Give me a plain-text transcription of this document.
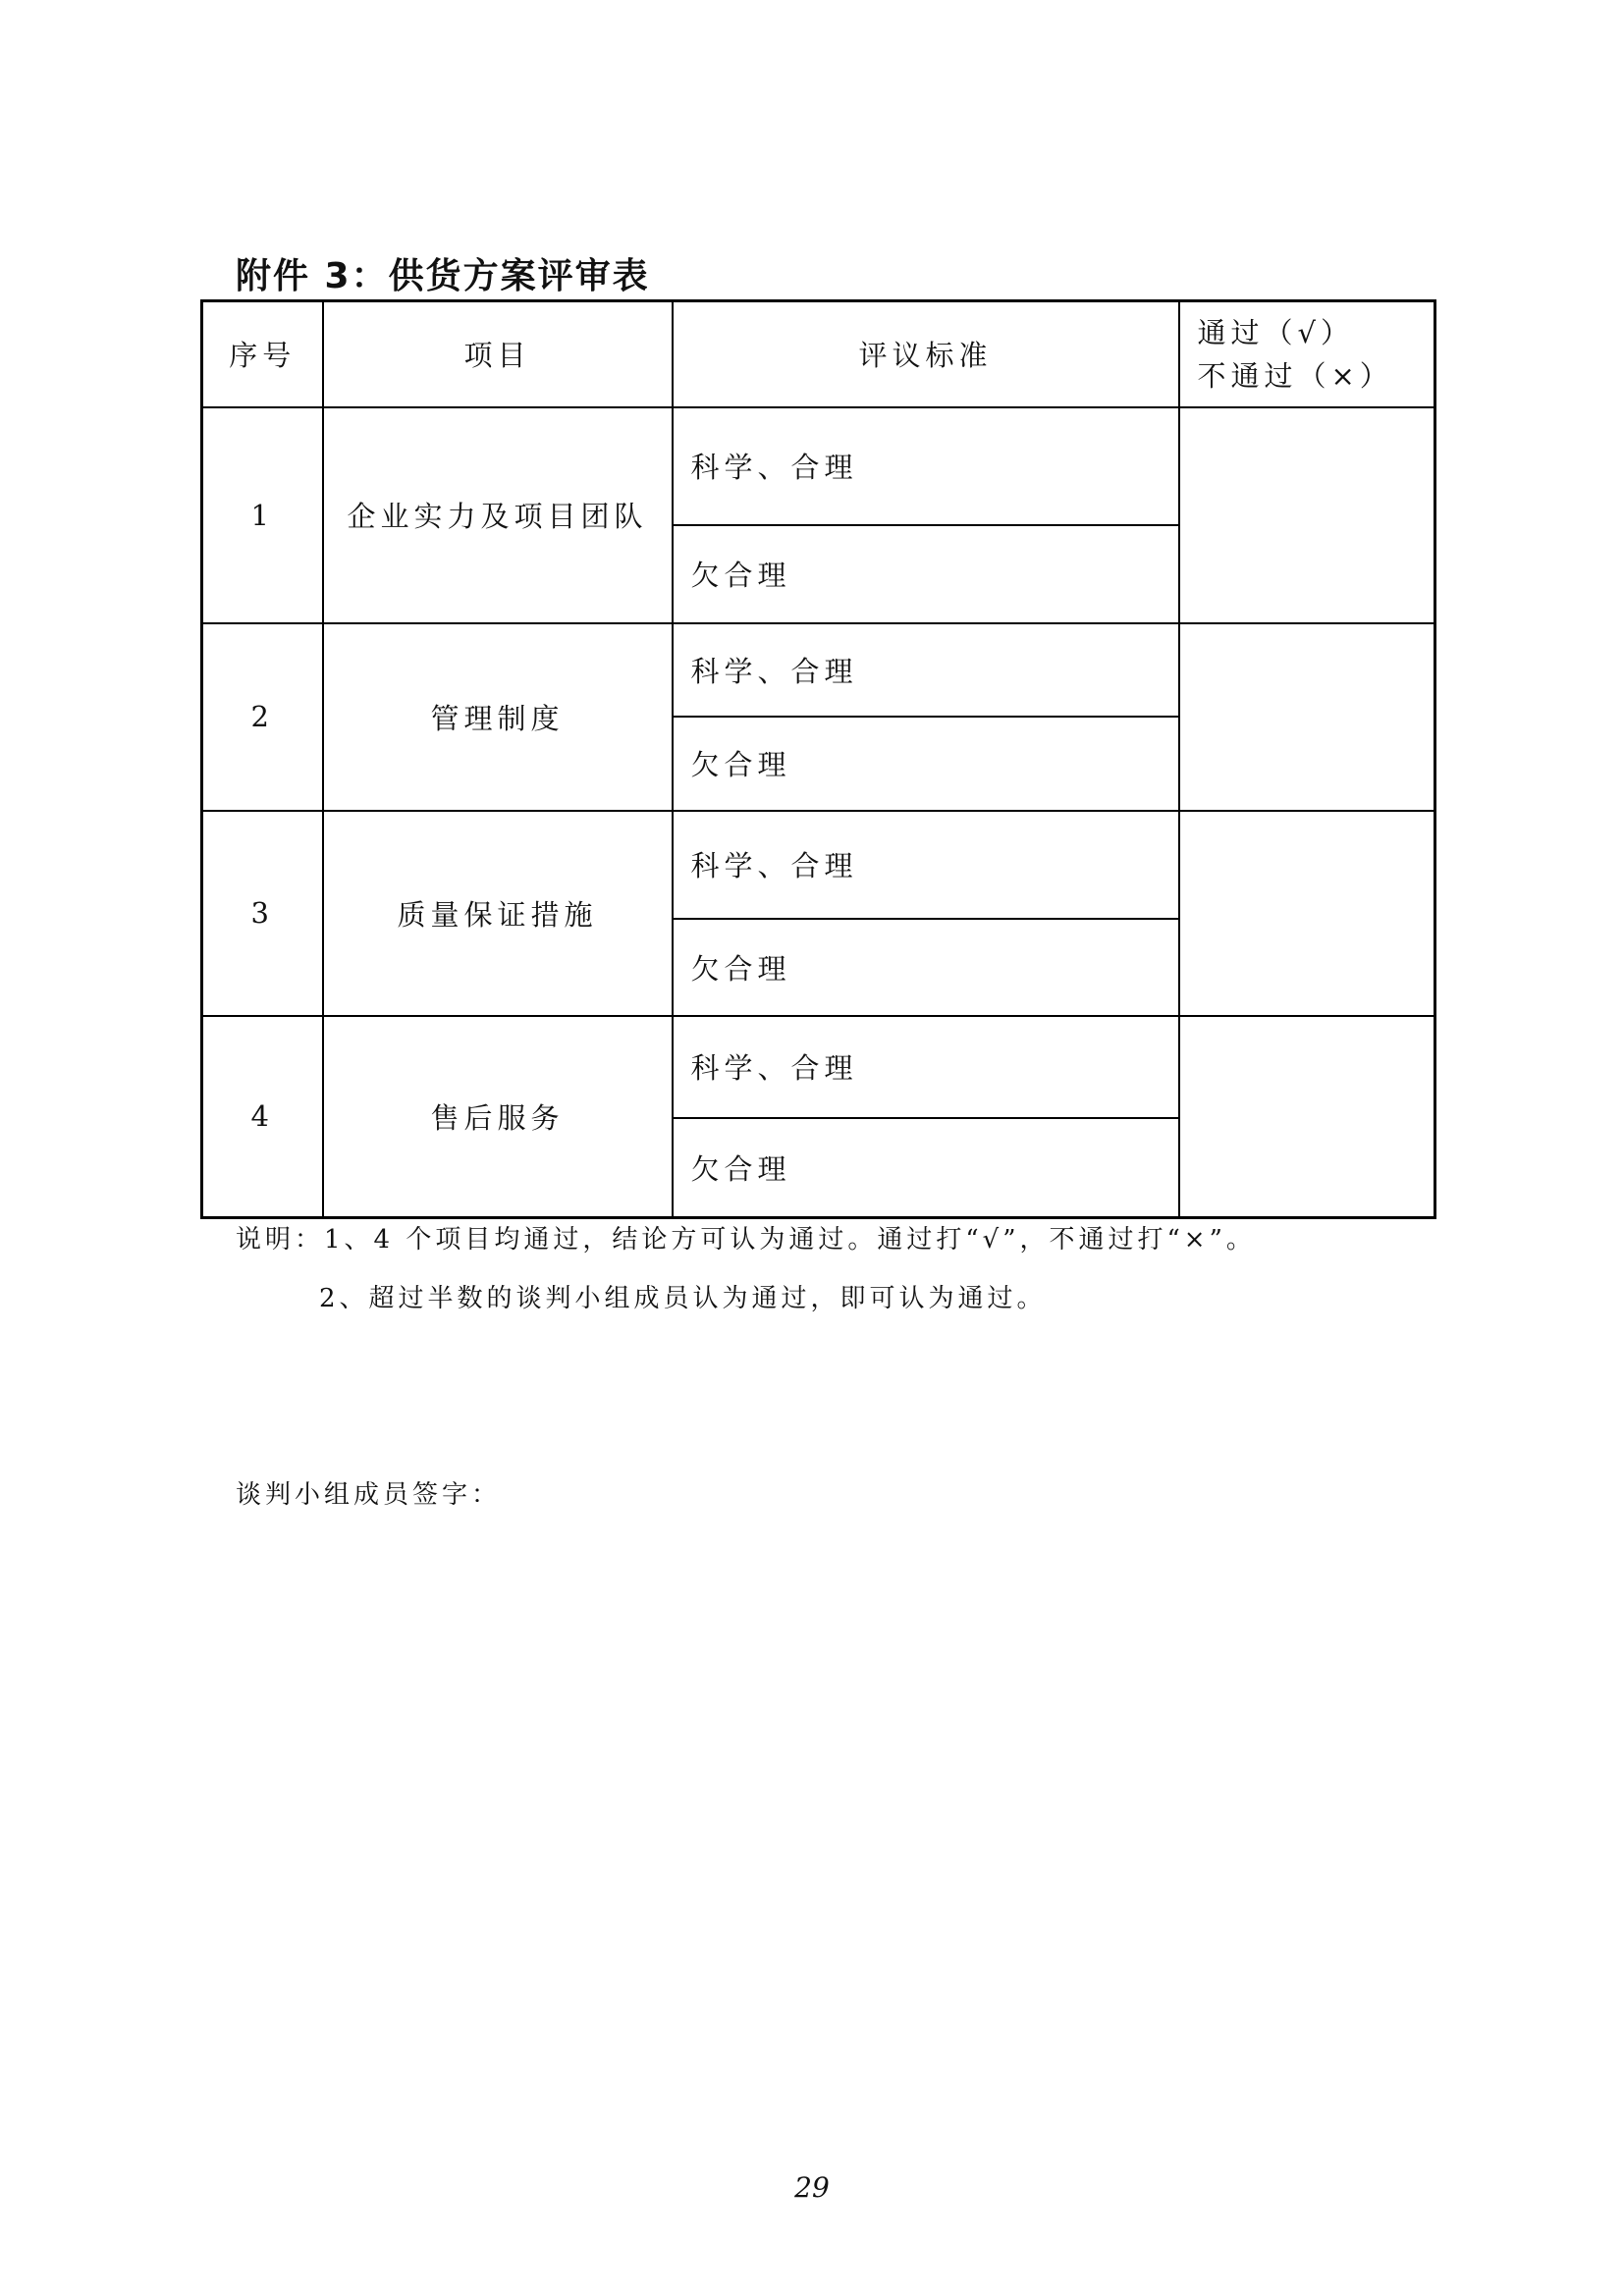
附件 3：供货方案评审表
序号	项目	评议标准	通过（√）
不通过（×）

1	企业实力及项目团队	科学、合理	
		欠合理	
2	管理制度	科学、合理	
		欠合理	
3	质量保证措施	科学、合理	
		欠合理	
4	售后服务	科学、合理	
		欠合理	
说明：1、4 个项目均通过，结论方可认为通过。通过打“√”，不通过打“×”。
2、超过半数的谈判小组成员认为通过，即可认为通过。
谈判小组成员签字：
29
